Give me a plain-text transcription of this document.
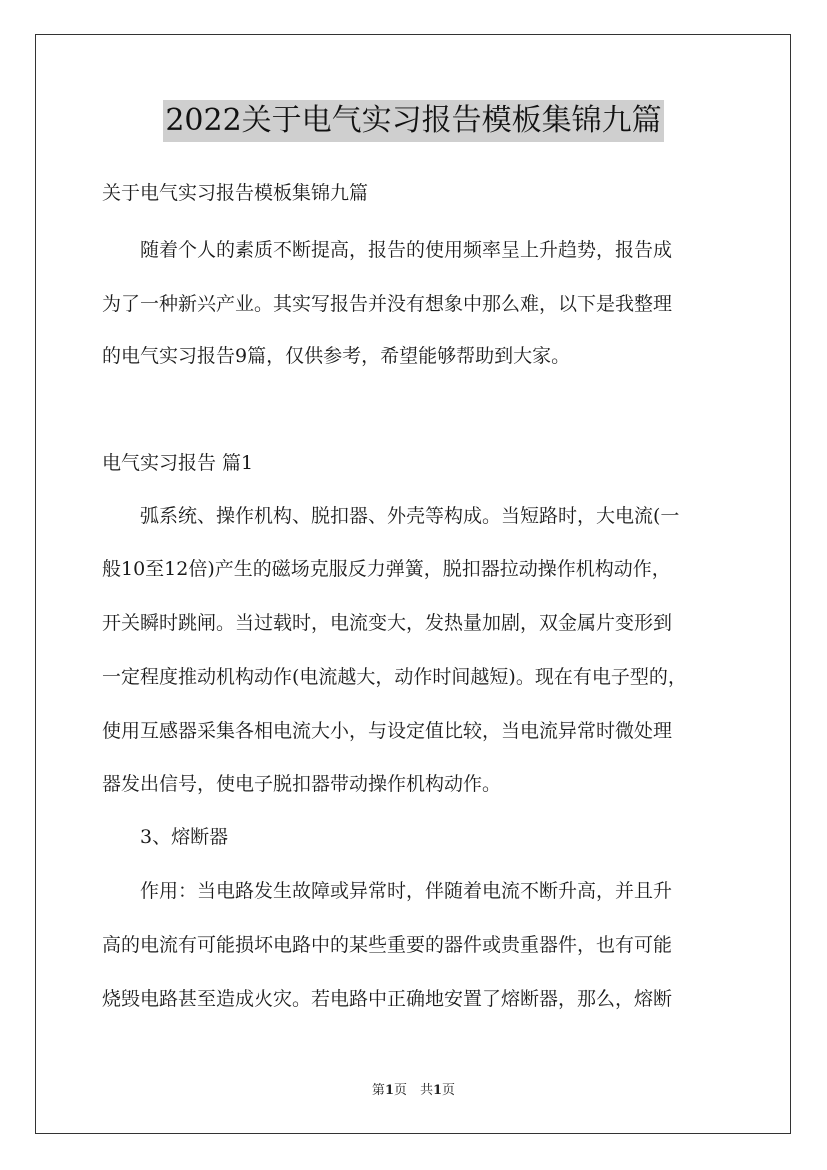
2022关于电气实习报告模板集锦九篇

关于电气实习报告模板集锦九篇

　　随着个人的素质不断提高，报告的使用频率呈上升趋势，报告成

为了一种新兴产业。其实写报告并没有想象中那么难，以下是我整理

的电气实习报告9篇，仅供参考，希望能够帮助到大家。

电气实习报告 篇1

　　弧系统、操作机构、脱扣器、外壳等构成。当短路时，大电流(一

般10至12倍)产生的磁场克服反力弹簧，脱扣器拉动操作机构动作，

开关瞬时跳闸。当过载时，电流变大，发热量加剧，双金属片变形到

一定程度推动机构动作(电流越大，动作时间越短)。现在有电子型的，

使用互感器采集各相电流大小，与设定值比较，当电流异常时微处理

器发出信号，使电子脱扣器带动操作机构动作。

　　3、熔断器

　　作用：当电路发生故障或异常时，伴随着电流不断升高，并且升

高的电流有可能损坏电路中的某些重要的器件或贵重器件，也有可能

烧毁电路甚至造成火灾。若电路中正确地安置了熔断器，那么，熔断

第1页　共1页
